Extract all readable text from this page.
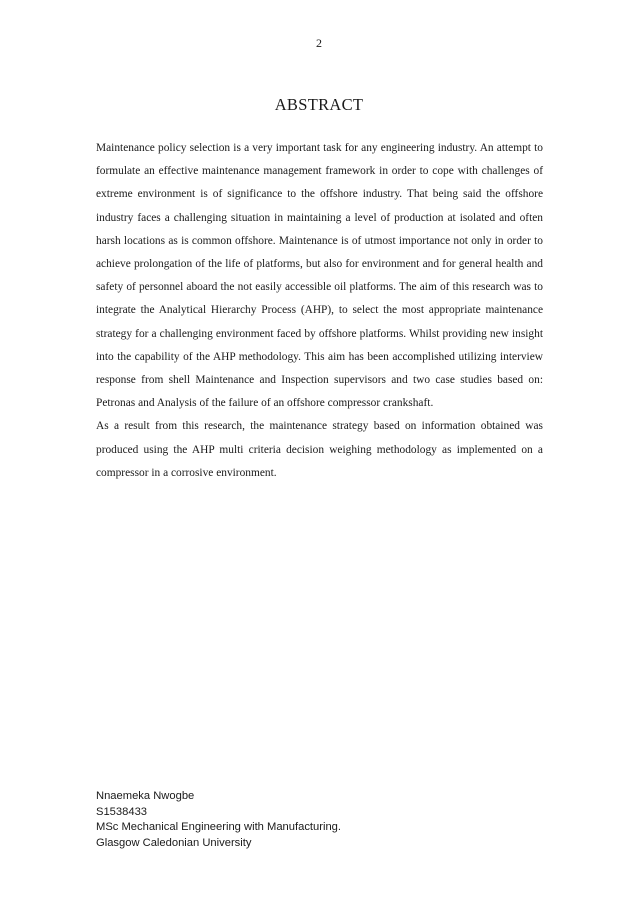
2
ABSTRACT

Maintenance policy selection is a very important task for any engineering industry. An attempt to formulate an effective maintenance management framework in order to cope with challenges of extreme environment is of significance to the offshore industry. That being said the offshore industry faces a challenging situation in maintaining a level of production at isolated and often harsh locations as is common offshore. Maintenance is of utmost importance not only in order to achieve prolongation of the life of platforms, but also for environment and for general health and safety of personnel aboard the not easily accessible oil platforms. The aim of this research was to integrate the Analytical Hierarchy Process (AHP), to select the most appropriate maintenance strategy for a challenging environment faced by offshore platforms. Whilst providing new insight into the capability of the AHP methodology. This aim has been accomplished utilizing interview response from shell Maintenance and Inspection supervisors and two case studies based on: Petronas and Analysis of the failure of an offshore compressor crankshaft.

As a result from this research, the maintenance strategy based on information obtained was produced using the AHP multi criteria decision weighing methodology as implemented on a compressor in a corrosive environment.

Nnaemeka Nwogbe
S1538433
MSc Mechanical Engineering with Manufacturing.
Glasgow Caledonian University
